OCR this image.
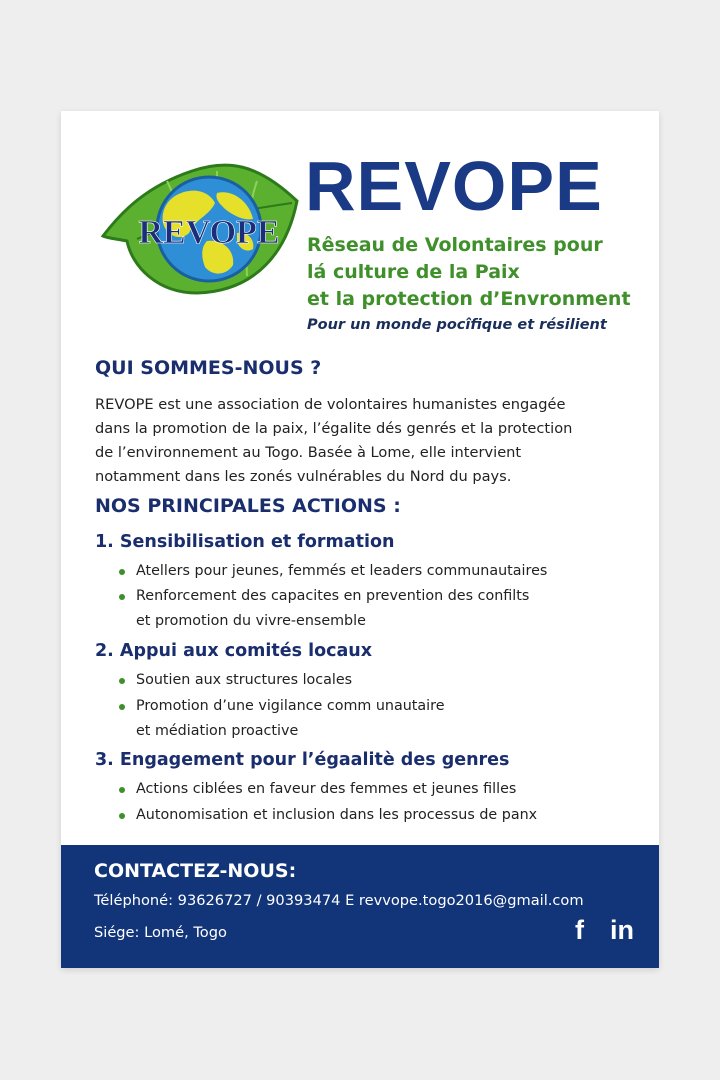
REVOPE
REVOPE
Rêseau de Volontaires pour
lá culture de la Paix
et la protection d’Envronment
Pour un monde pocîfique et résilient
QUI SOMMES-NOUS ?
REVOPE est une association de volontaires humanistes engagée
dans la promotion de la paix, l’égalite dés genrés et la protection
de l’environnement au Togo. Basée à Lome, elle intervient
notamment dans les zonés vulnérables du Nord du pays.
NOS PRINCIPALES ACTIONS :
1. Sensibilisation et formation
Atellers pour jeunes, femmés et leaders communautaires
Renforcement des capacites en prevention des confilts
et promotion du vivre-ensemble
2. Appui aux comités locaux
Soutien aux structures locales
Promotion d’une vigilance comm unautaire
et médiation proactive
3. Engagement pour l’égaalitè des genres
Actions ciblées en faveur des femmes et jeunes filles
Autonomisation et inclusion dans les processus de panx
CONTACTEZ-NOUS:
Téléphoné: 93626727 / 90393474 E revvope.togo2016@gmail.com
Siége: Lomé, Togo	f in
